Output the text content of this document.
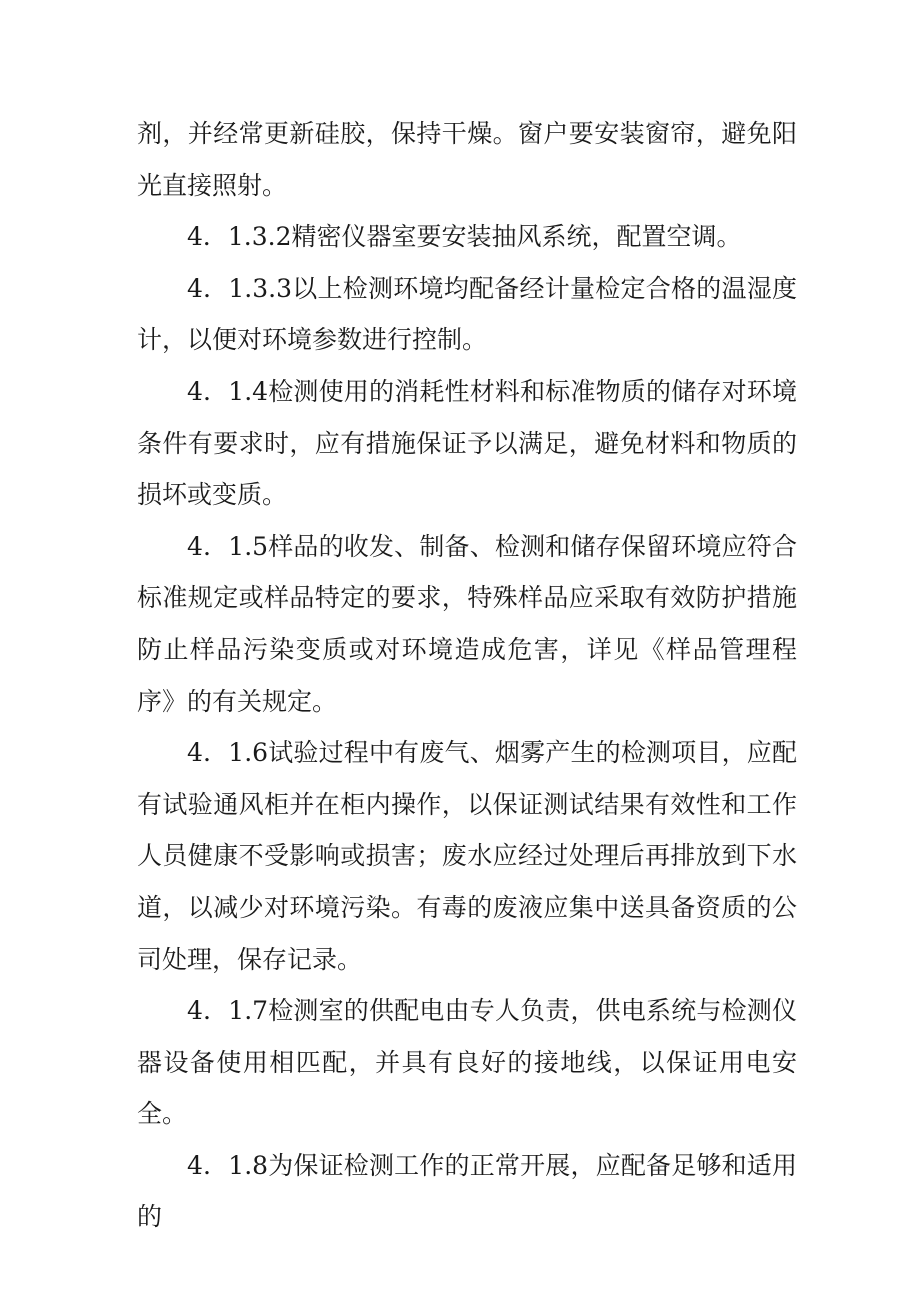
剂，并经常更新硅胶，保持干燥。窗户要安装窗帘，避免阳光直接照射。

4．1.3.2精密仪器室要安装抽风系统，配置空调。

4．1.3.3以上检测环境均配备经计量检定合格的温湿度计，以便对环境参数进行控制。

4．1.4检测使用的消耗性材料和标准物质的储存对环境条件有要求时，应有措施保证予以满足，避免材料和物质的损坏或变质。

4．1.5样品的收发、制备、检测和储存保留环境应符合标准规定或样品特定的要求，特殊样品应采取有效防护措施防止样品污染变质或对环境造成危害，详见《样品管理程序》的有关规定。

4．1.6试验过程中有废气、烟雾产生的检测项目，应配有试验通风柜并在柜内操作，以保证测试结果有效性和工作人员健康不受影响或损害；废水应经过处理后再排放到下水道，以减少对环境污染。有毒的废液应集中送具备资质的公司处理，保存记录。

4．1.7检测室的供配电由专人负责，供电系统与检测仪器设备使用相匹配，并具有良好的接地线，以保证用电安全。

4．1.8为保证检测工作的正常开展，应配备足够和适用的
